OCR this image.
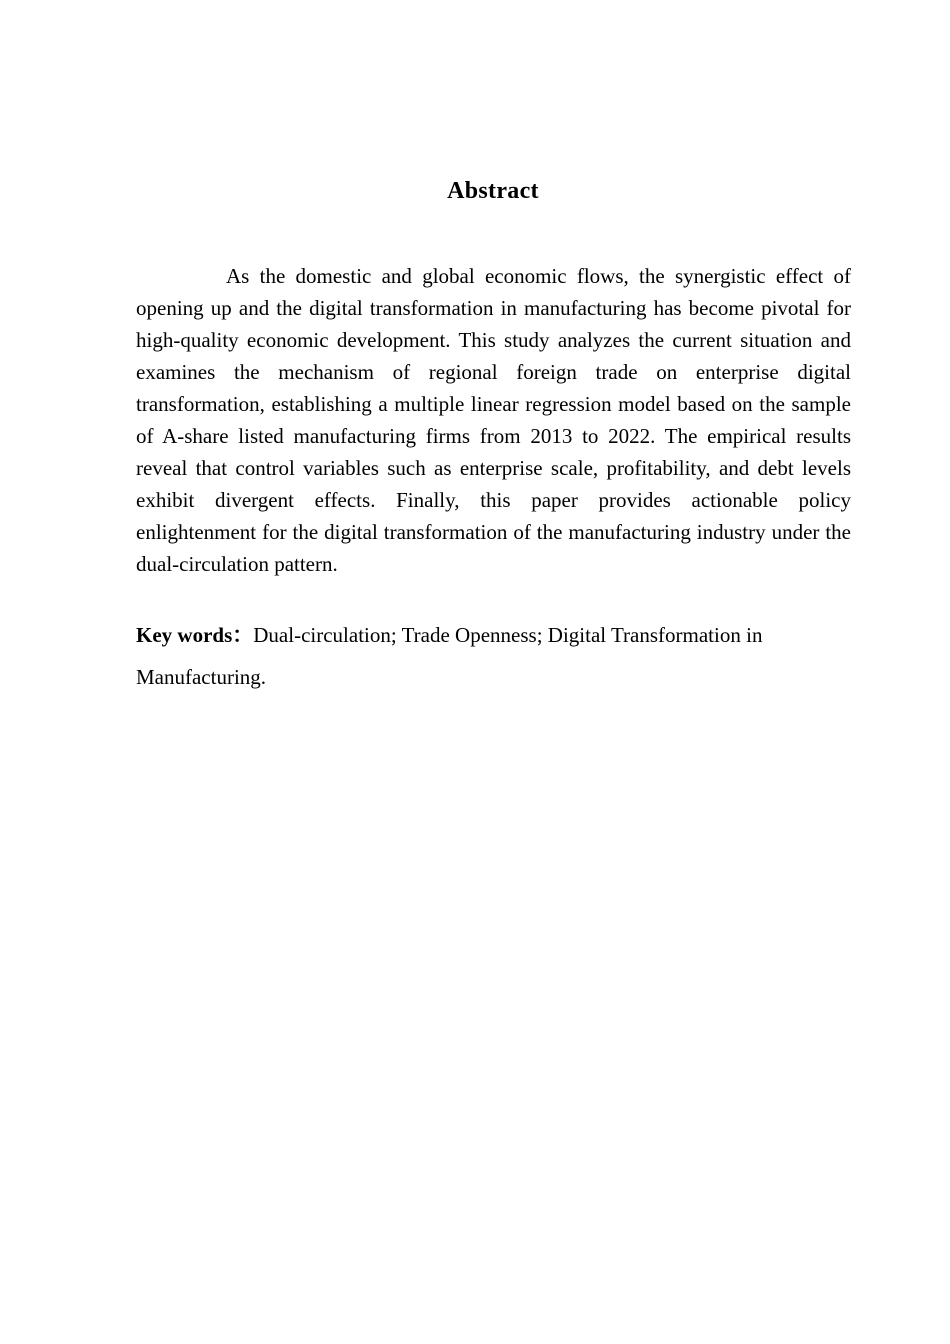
Abstract

As the domestic and global economic flows, the synergistic effect of opening up and the digital transformation in manufacturing has become pivotal for high-quality economic development. This study analyzes the current situation and examines the mechanism of regional foreign trade on enterprise digital transformation, establishing a multiple linear regression model based on the sample of A-share listed manufacturing firms from 2013 to 2022. The empirical results reveal that control variables such as enterprise scale, profitability, and debt levels exhibit divergent effects. Finally, this paper provides actionable policy enlightenment for the digital transformation of the manufacturing industry under the dual-circulation pattern.

Key words：Dual-circulation; Trade Openness; Digital Transformation in Manufacturing.
